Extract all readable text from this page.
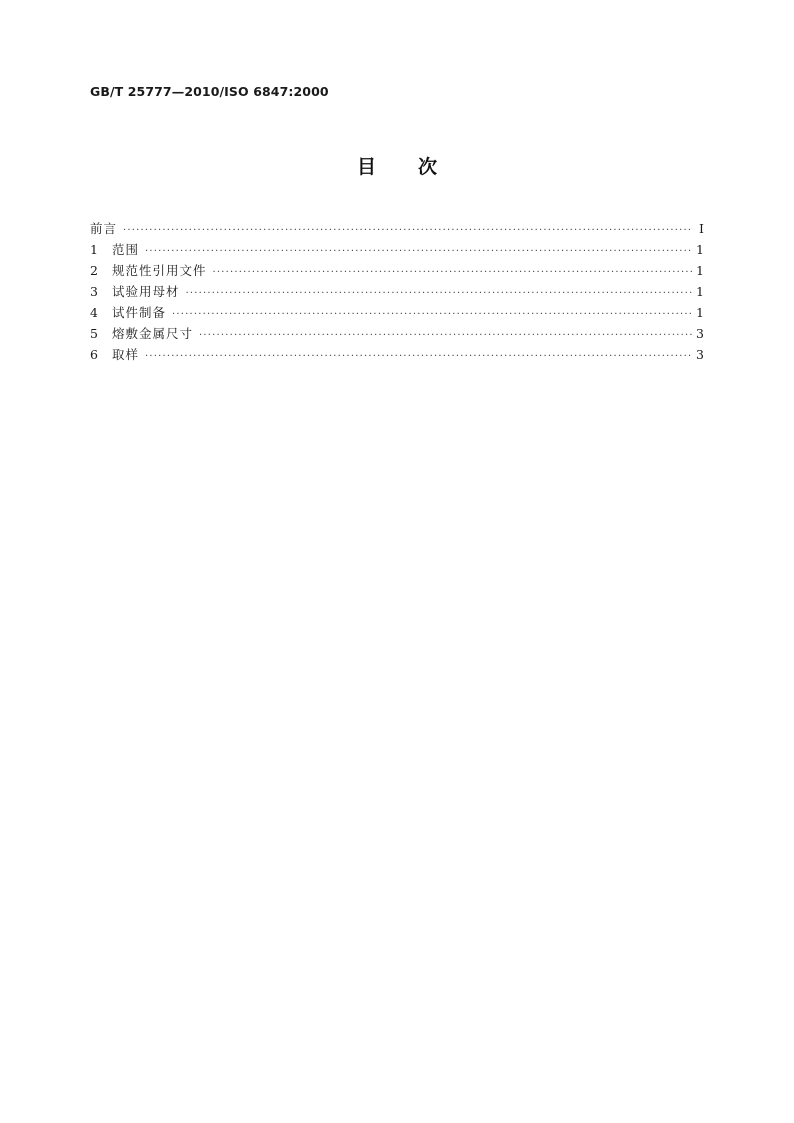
GB/T 25777—2010/ISO 6847:2000
目次
前言 ·····	Ⅰ
1	范围 ·····	1
2	规范性引用文件 ·····	1
3	试验用母材 ·····	1
4	试件制备 ·····	1
5	熔敷金属尺寸 ·····	3
6	取样 ·····	3
